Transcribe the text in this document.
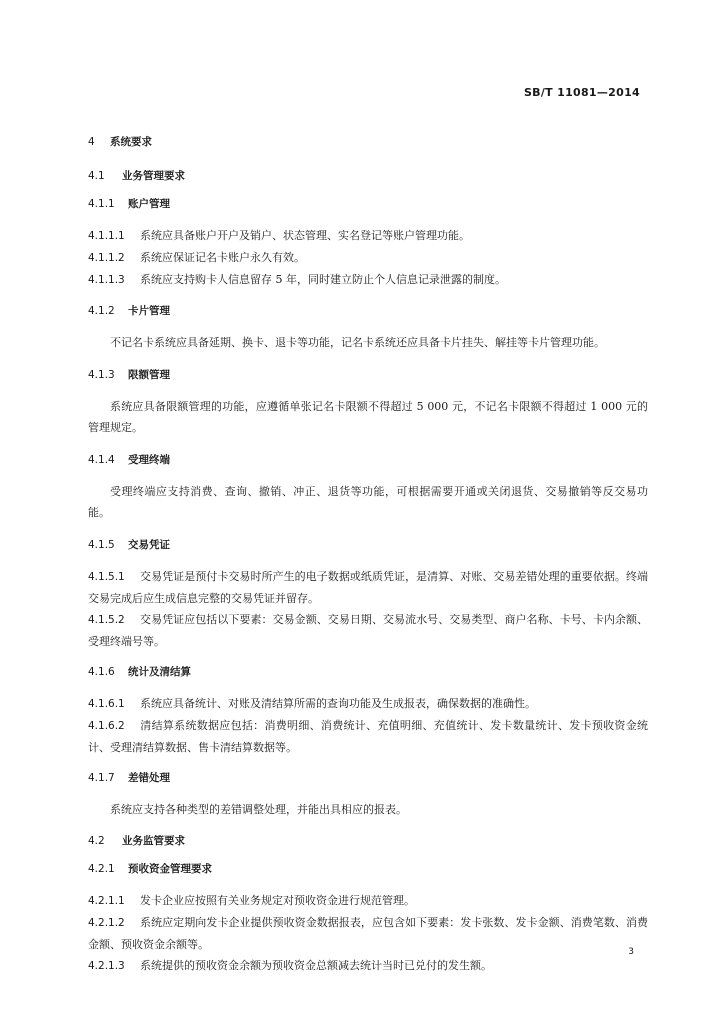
SB/T 11081—2014
4 系统要求
4.1 业务管理要求
4.1.1 账户管理

4.1.1.1 系统应具备账户开户及销户、状态管理、实名登记等账户管理功能。

4.1.1.2 系统应保证记名卡账户永久有效。

4.1.1.3 系统应支持购卡人信息留存 5 年，同时建立防止个人信息记录泄露的制度。

4.1.2 卡片管理

不记名卡系统应具备延期、换卡、退卡等功能，记名卡系统还应具备卡片挂失、解挂等卡片管理功能。

4.1.3 限额管理

系统应具备限额管理的功能，应遵循单张记名卡限额不得超过 5 000 元，不记名卡限额不得超过 1 000 元的管理规定。

4.1.4 受理终端

受理终端应支持消费、查询、撤销、冲正、退货等功能，可根据需要开通或关闭退货、交易撤销等反交易功能。

4.1.5 交易凭证

4.1.5.1 交易凭证是预付卡交易时所产生的电子数据或纸质凭证，是清算、对账、交易差错处理的重要依据。终端交易完成后应生成信息完整的交易凭证并留存。

4.1.5.2 交易凭证应包括以下要素：交易金额、交易日期、交易流水号、交易类型、商户名称、卡号、卡内余额、受理终端号等。

4.1.6 统计及清结算

4.1.6.1 系统应具备统计、对账及清结算所需的查询功能及生成报表，确保数据的准确性。

4.1.6.2 清结算系统数据应包括：消费明细、消费统计、充值明细、充值统计、发卡数量统计、发卡预收资金统计、受理清结算数据、售卡清结算数据等。

4.1.7 差错处理

系统应支持各种类型的差错调整处理，并能出具相应的报表。

4.2 业务监管要求
4.2.1 预收资金管理要求

4.2.1.1 发卡企业应按照有关业务规定对预收资金进行规范管理。

4.2.1.2 系统应定期向发卡企业提供预收资金数据报表，应包含如下要素：发卡张数、发卡金额、消费笔数、消费金额、预收资金余额等。

4.2.1.3 系统提供的预收资金余额为预收资金总额减去统计当时已兑付的发生额。

3
